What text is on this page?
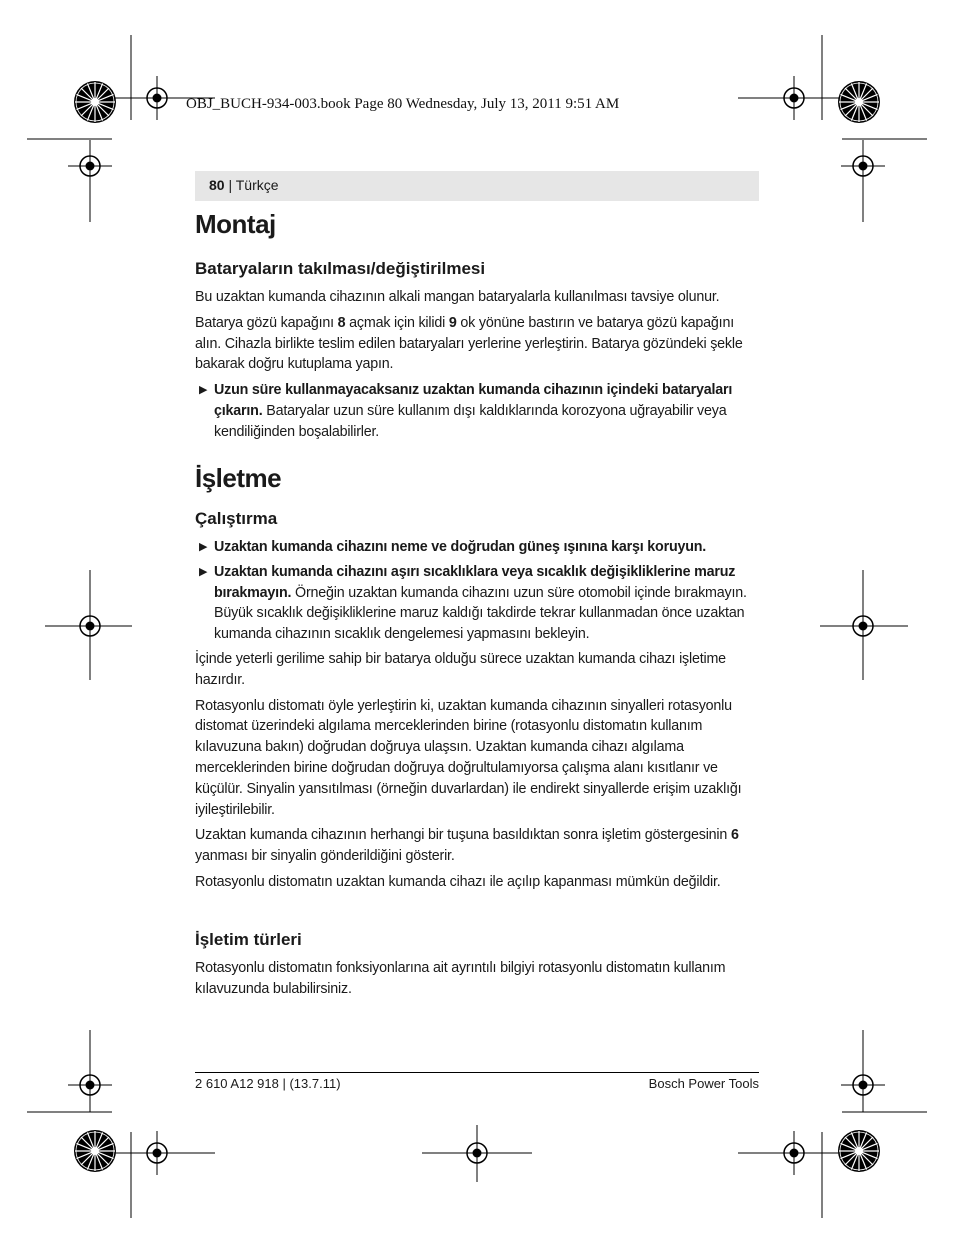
OBJ_BUCH-934-003.book Page 80 Wednesday, July 13, 2011 9:51 AM
80 | Türkçe
Montaj
Bataryaların takılması/değiştirilmesi

Bu uzaktan kumanda cihazının alkali mangan bataryalarla kullanılması tavsiye olunur.

Batarya gözü kapağını 8 açmak için kilidi 9 ok yönüne bastırın ve batarya gözü kapağını alın. Cihazla birlikte teslim edilen bataryaları yerlerine yerleştirin. Batarya gözündeki şekle bakarak doğru kutuplama yapın.

▶ Uzun süre kullanmayacaksanız uzaktan kumanda cihazının içindeki bataryaları çıkarın. Bataryalar uzun süre kullanım dışı kaldıklarında korozyona uğrayabilir veya kendiliğinden boşalabilirler.
İşletme
Çalıştırma
▶ Uzaktan kumanda cihazını neme ve doğrudan güneş ışınına karşı koruyun.
▶ Uzaktan kumanda cihazını aşırı sıcaklıklara veya sıcaklık değişikliklerine maruz bırakmayın. Örneğin uzaktan kumanda cihazını uzun süre otomobil içinde bırakmayın. Büyük sıcaklık değişikliklerine maruz kaldığı takdirde tekrar kullanmadan önce uzaktan kumanda cihazının sıcaklık dengelemesi yapmasını bekleyin.

İçinde yeterli gerilime sahip bir batarya olduğu sürece uzaktan kumanda cihazı işletime hazırdır.

Rotasyonlu distomatı öyle yerleştirin ki, uzaktan kumanda cihazının sinyalleri rotasyonlu distomat üzerindeki algılama merceklerinden birine (rotasyonlu distomatın kullanım kılavuzuna bakın) doğrudan doğruya ulaşsın. Uzaktan kumanda cihazı algılama merceklerinden birine doğrudan doğruya doğrultulamıyorsa çalışma alanı kısıtlanır ve küçülür. Sinyalin yansıtılması (örneğin duvarlardan) ile endirekt sinyallerde erişim uzaklığı iyileştirilebilir.

Uzaktan kumanda cihazının herhangi bir tuşuna basıldıktan sonra işletim göstergesinin 6 yanması bir sinyalin gönderildiğini gösterir.

Rotasyonlu distomatın uzaktan kumanda cihazı ile açılıp kapanması mümkün değildir.

İşletim türleri

Rotasyonlu distomatın fonksiyonlarına ait ayrıntılı bilgiyi rotasyonlu distomatın kullanım kılavuzunda bulabilirsiniz.

2 610 A12 918 | (13.7.11)	Bosch Power Tools
